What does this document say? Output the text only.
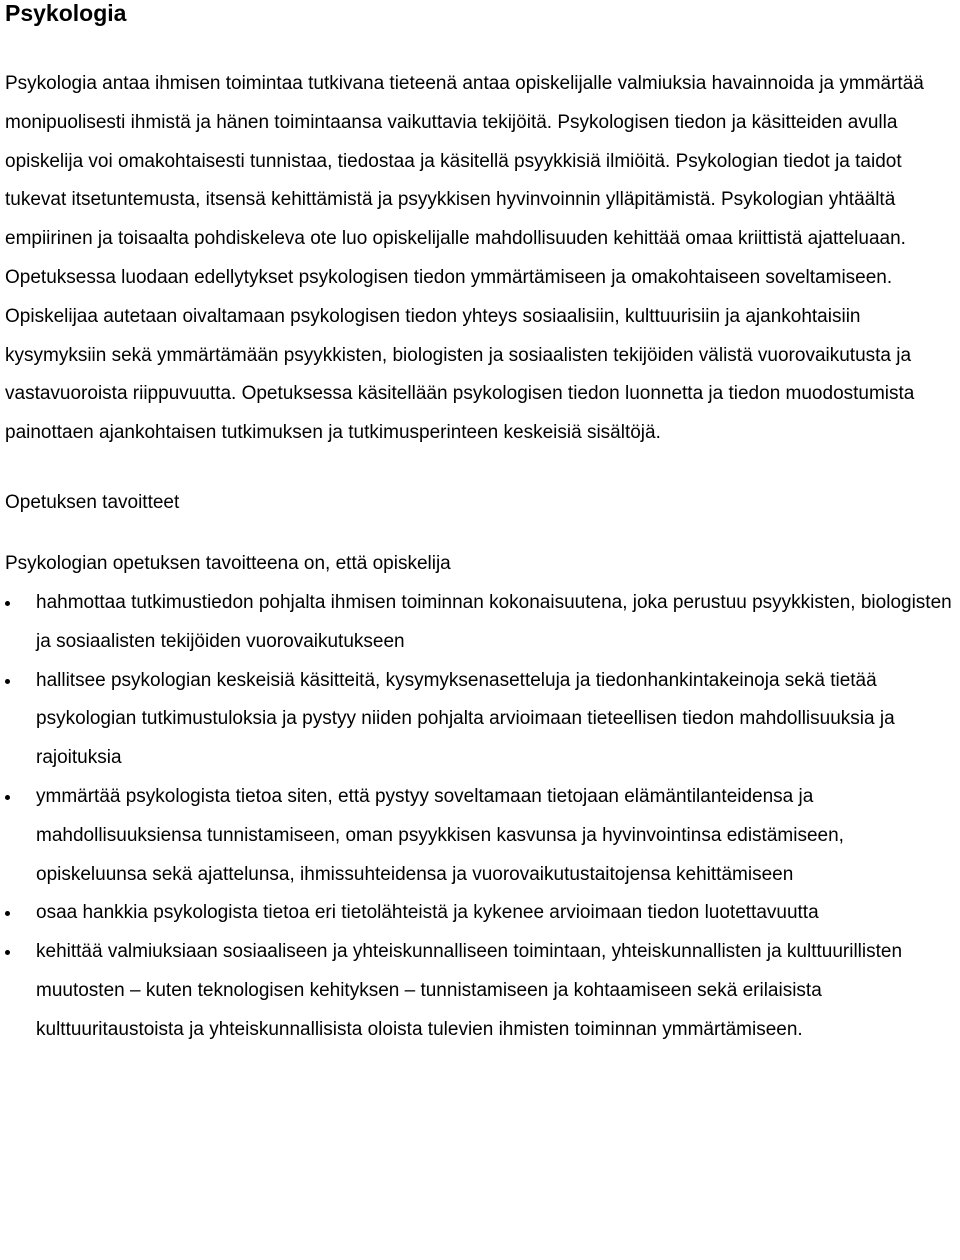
Psykologia

Psykologia antaa ihmisen toimintaa tutkivana tieteenä antaa opiskelijalle valmiuksia havainnoida ja ymmärtää monipuolisesti ihmistä ja hänen toimintaansa vaikuttavia tekijöitä. Psykologisen tiedon ja käsitteiden avulla opiskelija voi omakohtaisesti tunnistaa, tiedostaa ja käsitellä psyykkisiä ilmiöitä. Psykologian tiedot ja taidot tukevat itsetuntemusta, itsensä kehittämistä ja psyykkisen hyvinvoinnin ylläpitämistä. Psykologian yhtäältä empiirinen ja toisaalta pohdiskeleva ote luo opiskelijalle mahdollisuuden kehittää omaa kriittistä ajatteluaan. Opetuksessa luodaan edellytykset psykologisen tiedon ymmärtämiseen ja omakohtaiseen soveltamiseen. Opiskelijaa autetaan oivaltamaan psykologisen tiedon yhteys sosiaalisiin, kulttuurisiin ja ajankohtaisiin kysymyksiin sekä ymmärtämään psyykkisten, biologisten ja sosiaalisten tekijöiden välistä vuorovaikutusta ja vastavuoroista riippuvuutta. Opetuksessa käsitellään psykologisen tiedon luonnetta ja tiedon muodostumista painottaen ajankohtaisen tutkimuksen ja tutkimusperinteen keskeisiä sisältöjä.

Opetuksen tavoitteet
Psykologian opetuksen tavoitteena on, että opiskelija
hahmottaa tutkimustiedon pohjalta ihmisen toiminnan kokonaisuutena, joka perustuu psyykkisten, biologisten ja sosiaalisten tekijöiden vuorovaikutukseen
hallitsee psykologian keskeisiä käsitteitä, kysymyksenasetteluja ja tiedonhankintakeinoja sekä tietää psykologian tutkimustuloksia ja pystyy niiden pohjalta arvioimaan tieteellisen tiedon mahdollisuuksia ja rajoituksia
ymmärtää psykologista tietoa siten, että pystyy soveltamaan tietojaan elämäntilanteidensa ja mahdollisuuksiensa tunnistamiseen, oman psyykkisen kasvunsa ja hyvinvointinsa edistämiseen, opiskeluunsa sekä ajattelunsa, ihmissuhteidensa ja vuorovaikutustaitojensa kehittämiseen
osaa hankkia psykologista tietoa eri tietolähteistä ja kykenee arvioimaan tiedon luotettavuutta
kehittää valmiuksiaan sosiaaliseen ja yhteiskunnalliseen toimintaan, yhteiskunnallisten ja kulttuurillisten muutosten – kuten teknologisen kehityksen – tunnistamiseen ja kohtaamiseen sekä erilaisista kulttuuritaustoista ja yhteiskunnallisista oloista tulevien ihmisten toiminnan ymmärtämiseen.
